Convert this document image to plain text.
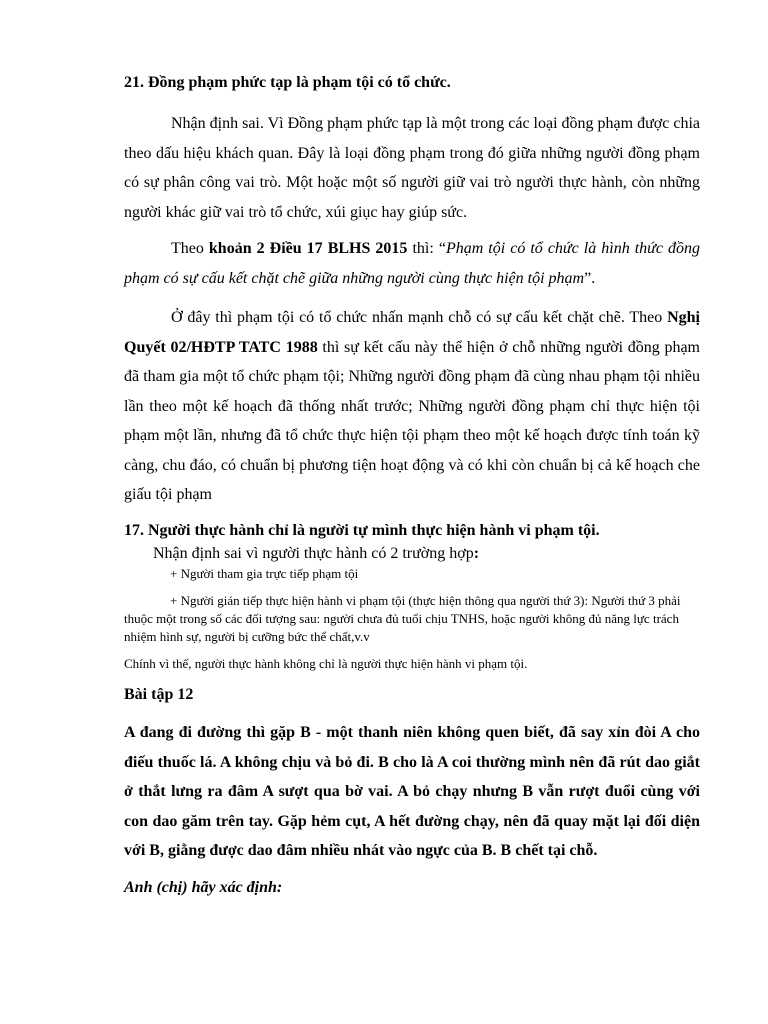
21. Đồng phạm phức tạp là phạm tội có tổ chức.

Nhận định sai. Vì Đồng phạm phức tạp là một trong các loại đồng phạm được chia theo dấu hiệu khách quan. Đây là loại đồng phạm trong đó giữa những người đồng phạm có sự phân công vai trò. Một hoặc một số người giữ vai trò người thực hành, còn những người khác giữ vai trò tổ chức, xúi giục hay giúp sức.

Theo khoản 2 Điều 17 BLHS 2015 thì: “Phạm tội có tổ chức là hình thức đồng phạm có sự cấu kết chặt chẽ giữa những người cùng thực hiện tội phạm”.

Ở đây thì phạm tội có tổ chức nhấn mạnh chỗ có sự cấu kết chặt chẽ. Theo Nghị Quyết 02/HĐTP TATC 1988 thì sự kết cấu này thể hiện ở chỗ những người đồng phạm đã tham gia một tổ chức phạm tội; Những người đồng phạm đã cùng nhau phạm tội nhiều lần theo một kế hoạch đã thống nhất trước; Những người đồng phạm chỉ thực hiện tội phạm một lần, nhưng đã tổ chức thực hiện tội phạm theo một kế hoạch được tính toán kỹ càng, chu đáo, có chuẩn bị phương tiện hoạt động và có khi còn chuẩn bị cả kế hoạch che giấu tội phạm

17. Người thực hành chỉ là người tự mình thực hiện hành vi phạm tội.
Nhận định sai vì người thực hành có 2 trường hợp:
+ Người tham gia trực tiếp phạm tội

+ Người gián tiếp thực hiện hành vi phạm tội (thực hiện thông qua người thứ 3): Người thứ 3 phải thuộc một trong số các đối tượng sau: người chưa đủ tuổi chịu TNHS, hoặc người không đủ năng lực trách nhiệm hình sự, người bị cưỡng bức thể chất,v.v

Chính vì thế, người thực hành không chỉ là người thực hiện hành vi phạm tội.
Bài tập 12

A đang đi đường thì gặp B - một thanh niên không quen biết, đã say xỉn đòi A cho điếu thuốc lá. A không chịu và bỏ đi. B cho là A coi thường mình nên đã rút dao giắt ở thắt lưng ra đâm A sượt qua bờ vai. A bỏ chạy nhưng B vẫn rượt đuổi cùng với con dao găm trên tay. Gặp hẻm cụt, A hết đường chạy, nên đã quay mặt lại đối diện với B, giằng được dao đâm nhiều nhát vào ngực của B. B chết tại chỗ.

Anh (chị) hãy xác định:
